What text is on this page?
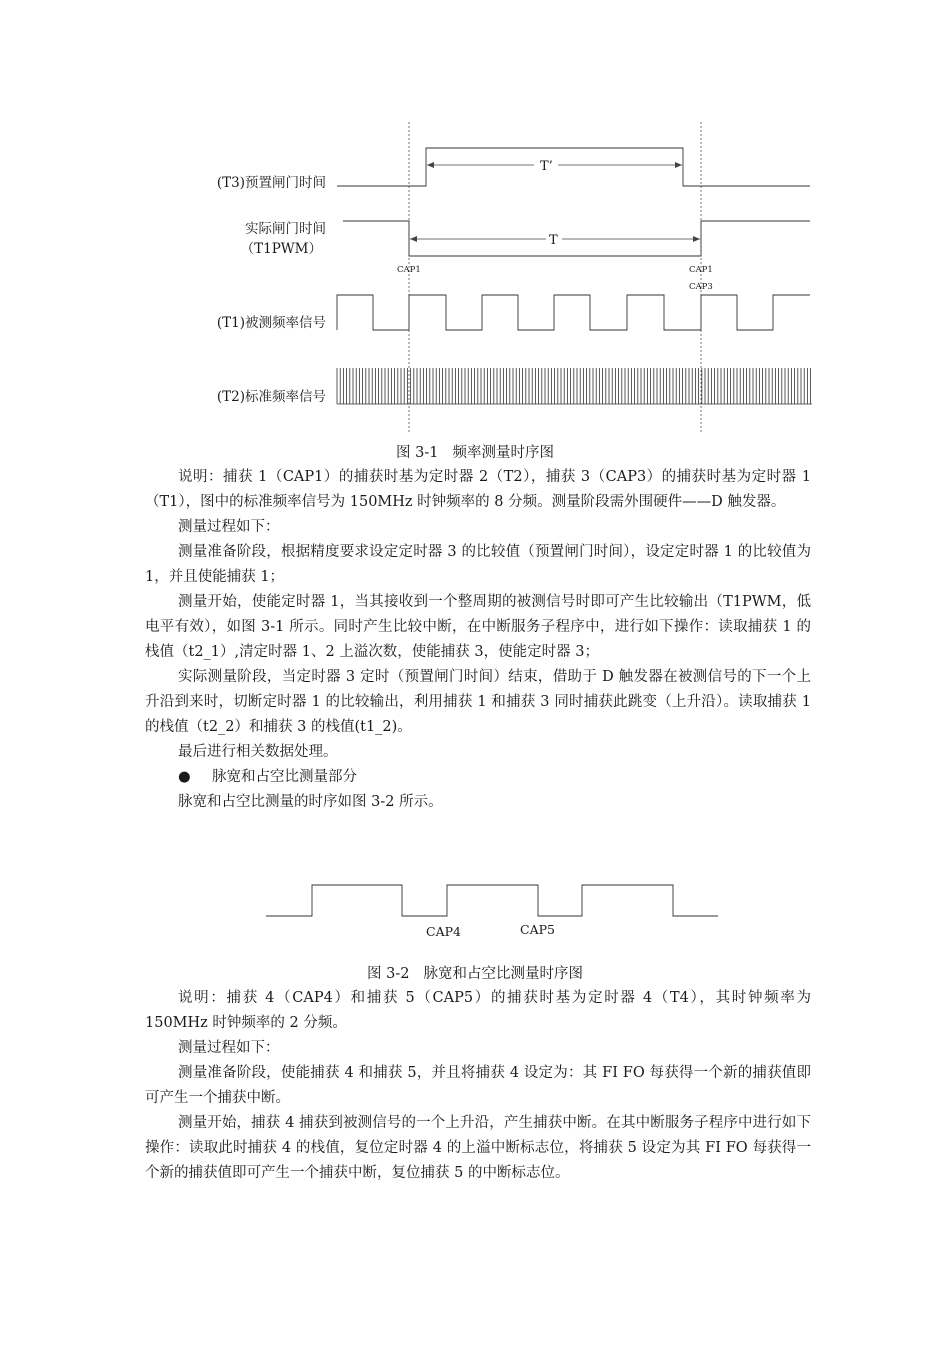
T’
T
CAP1	CAP1
CAP3
(T3)预置闸门时间
实际闸门时间
（T1PWM）
(T1)被测频率信号
(T2)标准频率信号
图 3-1 频率测量时序图

说明：捕获 1（CAP1）的捕获时基为定时器 2（T2），捕获 3（CAP3）的捕获时基为定时器 1（T1），图中的标准频率信号为 150MHz 时钟频率的 8 分频。测量阶段需外围硬件——D 触发器。

测量过程如下：

测量准备阶段，根据精度要求设定定时器 3 的比较值（预置闸门时间），设定定时器 1 的比较值为 1，并且使能捕获 1；

测量开始，使能定时器 1，当其接收到一个整周期的被测信号时即可产生比较输出（T1PWM，低电平有效），如图 3-1 所示。同时产生比较中断，在中断服务子程序中，进行如下操作：读取捕获 1 的栈值（t2_1）,清定时器 1、2 上溢次数，使能捕获 3，使能定时器 3；

实际测量阶段，当定时器 3 定时（预置闸门时间）结束，借助于 D 触发器在被测信号的下一个上升沿到来时，切断定时器 1 的比较输出，利用捕获 1 和捕获 3 同时捕获此跳变（上升沿）。读取捕获 1 的栈值（t2_2）和捕获 3 的栈值(t1_2)。

最后进行相关数据处理。

● 脉宽和占空比测量部分

脉宽和占空比测量的时序如图 3-2 所示。

CAP4	CAP5
图 3-2 脉宽和占空比测量时序图

说明：捕获 4（CAP4）和捕获 5（CAP5）的捕获时基为定时器 4（T4），其时钟频率为 150MHz 时钟频率的 2 分频。

测量过程如下：

测量准备阶段，使能捕获 4 和捕获 5，并且将捕获 4 设定为：其 FI FO 每获得一个新的捕获值即可产生一个捕获中断。

测量开始，捕获 4 捕获到被测信号的一个上升沿，产生捕获中断。在其中断服务子程序中进行如下操作：读取此时捕获 4 的栈值，复位定时器 4 的上溢中断标志位，将捕获 5 设定为其 FI FO 每获得一个新的捕获值即可产生一个捕获中断，复位捕获 5 的中断标志位。
